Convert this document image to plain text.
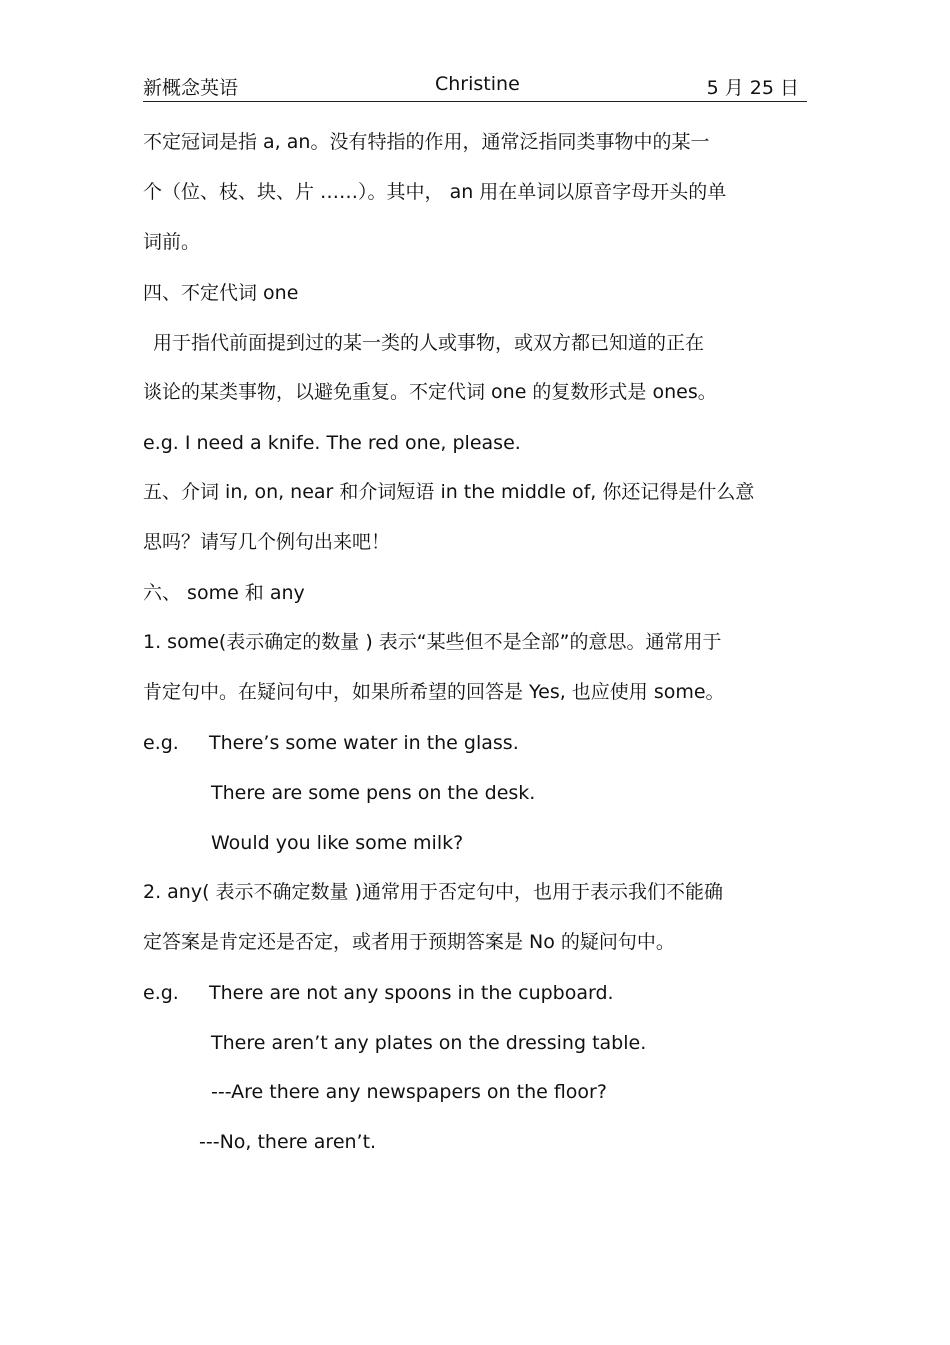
新概念英语	Christine	5 月 25 日
不定冠词是指 a, an。没有特指的作用，通常泛指同类事物中的某一
个（位、枝、块、片 ……）。其中， an 用在单词以原音字母开头的单
词前。
四、不定代词 one
用于指代前面提到过的某一类的人或事物，或双方都已知道的正在
谈论的某类事物，以避免重复。不定代词 one 的复数形式是 ones。
e.g. I need a knife. The red one, please.
五、介词 in, on, near 和介词短语 in the middle of, 你还记得是什么意
思吗？请写几个例句出来吧！
六、 some 和 any
1. some(表示确定的数量 ) 表示“某些但不是全部”的意思。通常用于
肯定句中。在疑问句中，如果所希望的回答是 Yes, 也应使用 some。
e.g. There’s some water in the glass.
There are some pens on the desk.
Would you like some milk?
2. any( 表示不确定数量 )通常用于否定句中，也用于表示我们不能确
定答案是肯定还是否定，或者用于预期答案是 No 的疑问句中。
e.g. There are not any spoons in the cupboard.
There aren’t any plates on the dressing table.
---Are there any newspapers on the floor?
---No, there aren’t.
